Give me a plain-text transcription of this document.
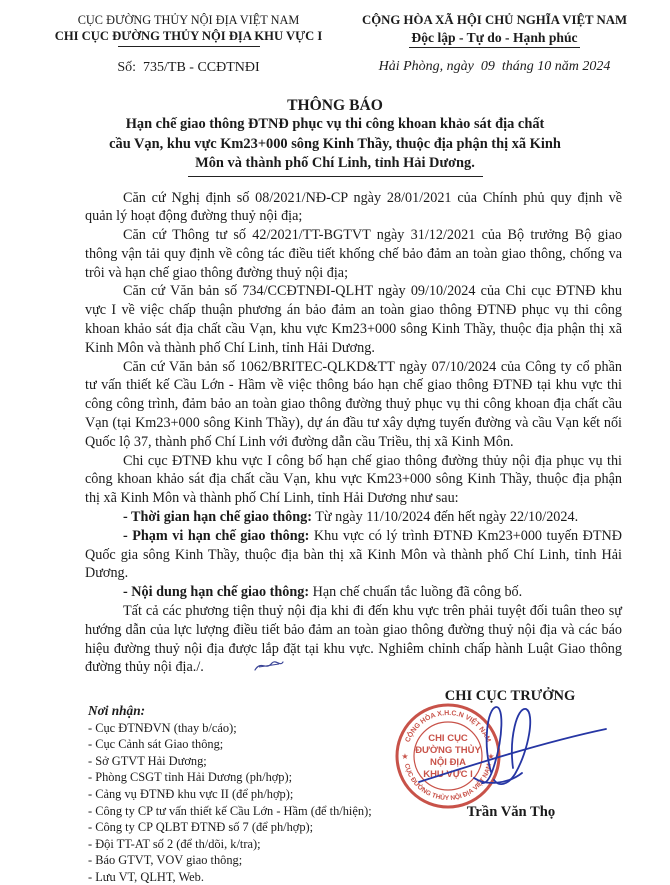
CỤC ĐƯỜNG THỦY NỘI ĐỊA VIỆT NAM
CHI CỤC ĐƯỜNG THỦY NỘI ĐỊA KHU VỰC I
Số:  735/TB - CCĐTNĐI
CỘNG HÒA XÃ HỘI CHỦ NGHĨA VIỆT NAM
Độc lập - Tự do - Hạnh phúc
Hải Phòng, ngày  09  tháng 10 năm 2024
THÔNG BÁO
Hạn chế giao thông ĐTNĐ phục vụ thi công khoan khảo sát địa chất
cầu Vạn, khu vực Km23+000 sông Kinh Thầy, thuộc địa phận thị xã Kinh
Môn và thành phố Chí Linh, tỉnh Hải Dương.

Căn cứ Nghị định số 08/2021/NĐ-CP ngày 28/01/2021 của Chính phủ quy định về quản lý hoạt động đường thuỷ nội địa;

Căn cứ Thông tư số 42/2021/TT-BGTVT ngày 31/12/2021 của Bộ trưởng Bộ giao thông vận tải quy định về công tác điều tiết khống chế bảo đảm an toàn giao thông, chống va trôi và hạn chế giao thông đường thuỷ nội địa;

Căn cứ Văn bản số 734/CCĐTNĐI-QLHT ngày 09/10/2024 của Chi cục ĐTNĐ khu vực I về việc chấp thuận phương án bảo đảm an toàn giao thông ĐTNĐ phục vụ thi công khoan khảo sát địa chất cầu Vạn, khu vực Km23+000 sông Kinh Thầy, thuộc địa phận thị xã Kinh Môn và thành phố Chí Linh, tỉnh Hải Dương.

Căn cứ Văn bản số 1062/BRITEC-QLKD&TT ngày 07/10/2024 của Công ty cổ phần tư vấn thiết kế Cầu Lớn - Hầm về việc thông báo hạn chế giao thông ĐTNĐ tại khu vực thi công công trình, đảm bảo an toàn giao thông đường thuỷ phục vụ thi công khoan địa chất cầu Vạn (tại Km23+000 sông Kinh Thầy), dự án đầu tư xây dựng tuyến đường và cầu Vạn kết nối Quốc lộ 37, thành phố Chí Linh với đường dẫn cầu Triều, thị xã Kinh Môn.

Chi cục ĐTNĐ khu vực I công bố hạn chế giao thông đường thủy nội địa phục vụ thi công khoan khảo sát địa chất cầu Vạn, khu vực Km23+000 sông Kinh Thầy, thuộc địa phận thị xã Kinh Môn và thành phố Chí Linh, tỉnh Hải Dương như sau:

- Thời gian hạn chế giao thông: Từ ngày 11/10/2024 đến hết ngày 22/10/2024.

- Phạm vi hạn chế giao thông: Khu vực có lý trình ĐTNĐ Km23+000 tuyến ĐTNĐ Quốc gia sông Kinh Thầy, thuộc địa bàn thị xã Kinh Môn và thành phố Chí Linh, tỉnh Hải Dương.

- Nội dung hạn chế giao thông: Hạn chế chuẩn tắc luồng đã công bố.

Tất cả các phương tiện thuỷ nội địa khi đi đến khu vực trên phải tuyệt đối tuân theo sự hướng dẫn của lực lượng điều tiết bảo đảm an toàn giao thông đường thuỷ nội địa và các báo hiệu đường thuỷ nội địa được lắp đặt tại khu vực. Nghiêm chỉnh chấp hành Luật Giao thông đường thủy nội địa./.

CHI CỤC TRƯỞNG
Nơi nhận:
- Cục ĐTNĐVN (thay b/cáo);
- Cục Cảnh sát Giao thông;
- Sở GTVT Hải Dương;
- Phòng CSGT tỉnh Hải Dương (ph/hợp);
- Cảng vụ ĐTNĐ khu vực II (để ph/hợp);
- Công ty CP tư vấn thiết kế Cầu Lớn - Hầm (để th/hiện);
- Công ty CP QLBT ĐTNĐ số 7 (để ph/hợp);
- Đội TT-AT số 2 (để th/dõi, k/tra);
- Báo GTVT, VOV giao thông;
- Lưu VT, QLHT, Web.
CỘNG HÒA X.H.C.N VIỆT NAM
CỤC ĐƯỜNG THỦY NỘI ĐỊA VIỆT NAM
★	★
CHI CỤC
ĐƯỜNG THỦY
NỘI ĐỊA
KHU VỰC I
Trần Văn Thọ
